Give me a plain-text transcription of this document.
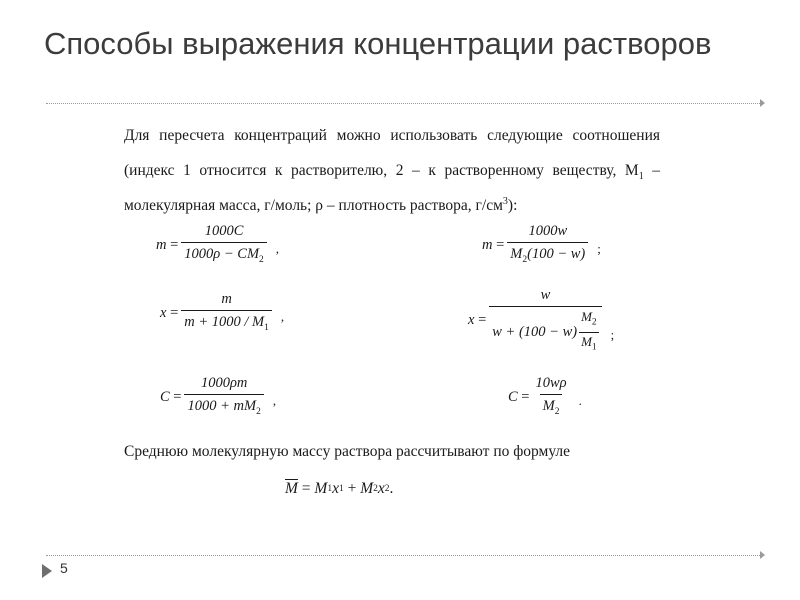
Способы выражения концентрации растворов

Для пересчета концентраций можно использовать следующие соотношения (индекс 1 относится к растворителю, 2 – к растворенному веществу, $M_1$ – молекулярная масса, г/моль; ρ – плотность раствора, $г/см^3$):

m
= $\frac{1000C}{1000\rho - CM_2}$ ,	m
= $\frac{1000w}{M_2(100 - w)}$ ;
x
= $\frac{m}{m + 1000 / M_1}$ ,	x
= $\frac{w}{w + (100 - w) \frac{M_2}{M_1}}$ ;
C
= $\frac{1000\rho m}{1000 + mM_2}$ ,	C
= $\frac{10w\rho}{M_2}$ .

Среднюю молекулярную массу раствора рассчитывают по формуле

$\overline{M}$
=
M 1 x 1
+
M 2 x 2 .
5
